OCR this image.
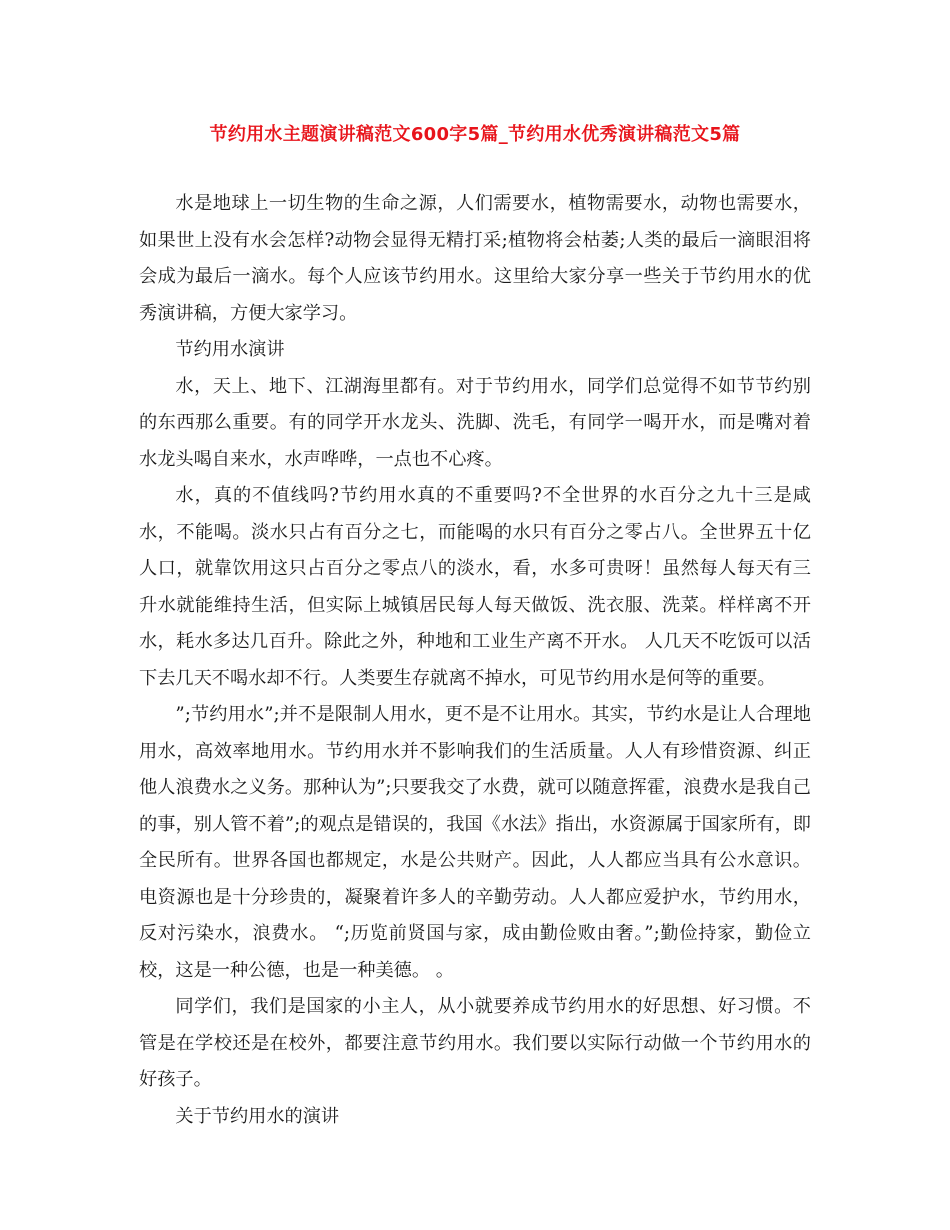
节约用水主题演讲稿范文600字5篇_节约用水优秀演讲稿范文5篇

水是地球上一切生物的生命之源，人们需要水，植物需要水，动物也需要水，如果世上没有水会怎样?动物会显得无精打采;植物将会枯萎;人类的最后一滴眼泪将会成为最后一滴水。每个人应该节约用水。这里给大家分享一些关于节约用水的优秀演讲稿，方便大家学习。

节约用水演讲

水，天上、地下、江湖海里都有。对于节约用水，同学们总觉得不如节节约别的东西那么重要。有的同学开水龙头、洗脚、洗毛，有同学一喝开水，而是嘴对着水龙头喝自来水，水声哗哗，一点也不心疼。

水，真的不值线吗?节约用水真的不重要吗?不全世界的水百分之九十三是咸水，不能喝。淡水只占有百分之七，而能喝的水只有百分之零占八。全世界五十亿人口，就靠饮用这只占百分之零点八的淡水，看，水多可贵呀！虽然每人每天有三升水就能维持生活，但实际上城镇居民每人每天做饭、洗衣服、洗菜。样样离不开水，耗水多达几百升。除此之外，种地和工业生产离不开水。 人几天不吃饭可以活下去几天不喝水却不行。人类要生存就离不掉水，可见节约用水是何等的重要。

”;节约用水”;并不是限制人用水，更不是不让用水。其实，节约水是让人合理地用水，高效率地用水。节约用水并不影响我们的生活质量。人人有珍惜资源、纠正他人浪费水之义务。那种认为”;只要我交了水费，就可以随意挥霍，浪费水是我自己的事，别人管不着”;的观点是错误的，我国《水法》指出，水资源属于国家所有，即全民所有。世界各国也都规定，水是公共财产。因此，人人都应当具有公水意识。电资源也是十分珍贵的，凝聚着许多人的辛勤劳动。人人都应爱护水，节约用水，反对污染水，浪费水。 “;历览前贤国与家，成由勤俭败由奢。”;勤俭持家，勤俭立校，这是一种公德，也是一种美德。 。

同学们，我们是国家的小主人，从小就要养成节约用水的好思想、好习惯。不管是在学校还是在校外，都要注意节约用水。我们要以实际行动做一个节约用水的好孩子。

关于节约用水的演讲
